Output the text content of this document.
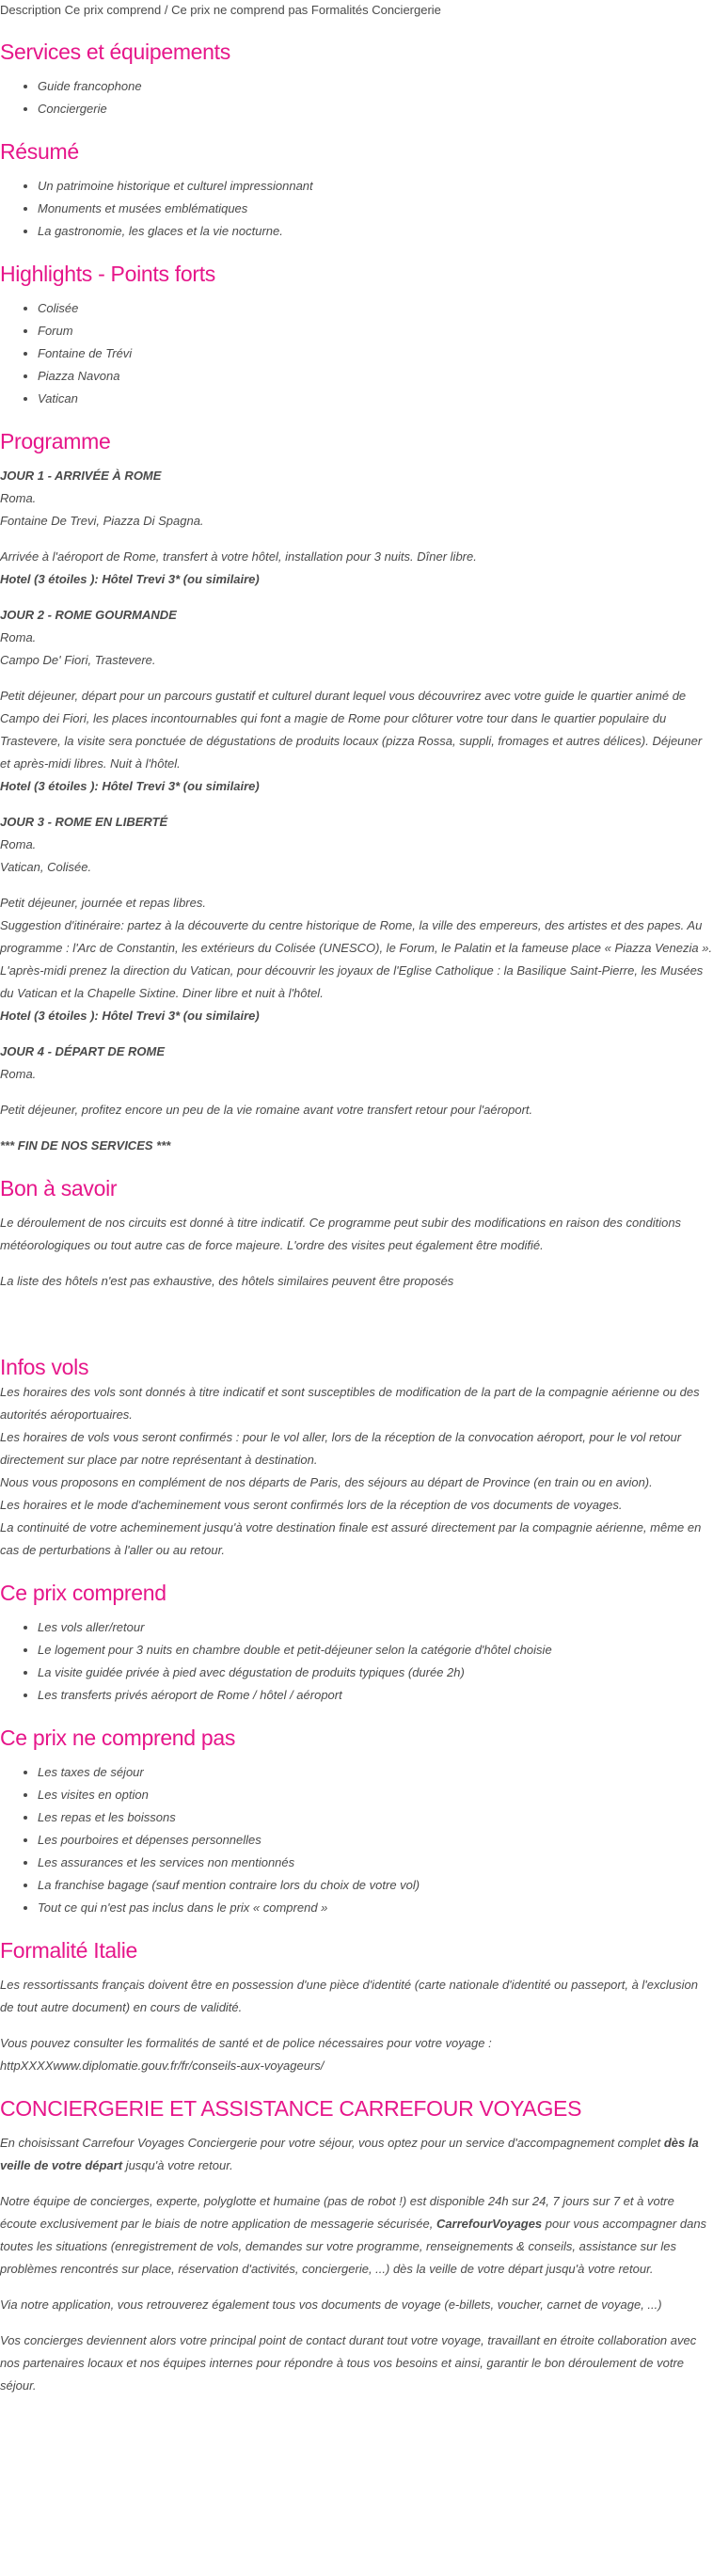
Description Ce prix comprend / Ce prix ne comprend pas Formalités Conciergerie

Services et équipements
• Guide francophone
• Conciergerie
Résumé
• Un patrimoine historique et culturel impressionnant
• Monuments et musées emblématiques
• La gastronomie, les glaces et la vie nocturne.
Highlights - Points forts
• Colisée
• Forum
• Fontaine de Trévi
• Piazza Navona
• Vatican
Programme

JOUR 1 - ARRIVÉE À ROME

Roma.

Fontaine De Trevi, Piazza Di Spagna.

Arrivée à l'aéroport de Rome, transfert à votre hôtel, installation pour 3 nuits. Dîner libre.

Hotel (3 étoiles ): Hôtel Trevi 3* (ou similaire)

JOUR 2 - ROME GOURMANDE

Roma.

Campo De' Fiori, Trastevere.

Petit déjeuner, départ pour un parcours gustatif et culturel durant lequel vous découvrirez avec votre guide le quartier animé de Campo dei Fiori, les places incontournables qui font a magie de Rome pour clôturer votre tour dans le quartier populaire du Trastevere, la visite sera ponctuée de dégustations de produits locaux (pizza Rossa, suppli, fromages et autres délices). Déjeuner et après-midi libres. Nuit à l'hôtel.

Hotel (3 étoiles ): Hôtel Trevi 3* (ou similaire)

JOUR 3 - ROME EN LIBERTÉ

Roma.

Vatican, Colisée.

Petit déjeuner, journée et repas libres.

Suggestion d'itinéraire: partez à la découverte du centre historique de Rome, la ville des empereurs, des artistes et des papes. Au programme : l'Arc de Constantin, les extérieurs du Colisée (UNESCO), le Forum, le Palatin et la fameuse place « Piazza Venezia ». L'après-midi prenez la direction du Vatican, pour découvrir les joyaux de l'Eglise Catholique : la Basilique Saint-Pierre, les Musées du Vatican et la Chapelle Sixtine. Diner libre et nuit à l'hôtel.

Hotel (3 étoiles ): Hôtel Trevi 3* (ou similaire)

JOUR 4 - DÉPART DE ROME

Roma.

Petit déjeuner, profitez encore un peu de la vie romaine avant votre transfert retour pour l'aéroport.

*** FIN DE NOS SERVICES ***

Bon à savoir

Le déroulement de nos circuits est donné à titre indicatif. Ce programme peut subir des modifications en raison des conditions météorologiques ou tout autre cas de force majeure. L'ordre des visites peut également être modifié.

La liste des hôtels n'est pas exhaustive, des hôtels similaires peuvent être proposés

Infos vols

Les horaires des vols sont donnés à titre indicatif et sont susceptibles de modification de la part de la compagnie aérienne ou des autorités aéroportuaires.

Les horaires de vols vous seront confirmés : pour le vol aller, lors de la réception de la convocation aéroport, pour le vol retour directement sur place par notre représentant à destination.

Nous vous proposons en complément de nos départs de Paris, des séjours au départ de Province (en train ou en avion).

Les horaires et le mode d'acheminement vous seront confirmés lors de la réception de vos documents de voyages.

La continuité de votre acheminement jusqu'à votre destination finale est assuré directement par la compagnie aérienne, même en cas de perturbations à l'aller ou au retour.

Ce prix comprend
• Les vols aller/retour
• Le logement pour 3 nuits en chambre double et petit-déjeuner selon la catégorie d'hôtel choisie
• La visite guidée privée à pied avec dégustation de produits typiques (durée 2h)
• Les transferts privés aéroport de Rome / hôtel / aéroport
Ce prix ne comprend pas
• Les taxes de séjour
• Les visites en option
• Les repas et les boissons
• Les pourboires et dépenses personnelles
• Les assurances et les services non mentionnés
• La franchise bagage (sauf mention contraire lors du choix de votre vol)
• Tout ce qui n'est pas inclus dans le prix « comprend »
Formalité Italie

Les ressortissants français doivent être en possession d'une pièce d'identité (carte nationale d'identité ou passeport, à l'exclusion de tout autre document) en cours de validité.

Vous pouvez consulter les formalités de santé et de police nécessaires pour votre voyage :

httpXXXXwww.diplomatie.gouv.fr/fr/conseils-aux-voyageurs/

CONCIERGERIE ET ASSISTANCE CARREFOUR VOYAGES

En choisissant Carrefour Voyages Conciergerie pour votre séjour, vous optez pour un service d'accompagnement complet dès la veille de votre départ jusqu'à votre retour.

Notre équipe de concierges, experte, polyglotte et humaine (pas de robot !) est disponible 24h sur 24, 7 jours sur 7 et à votre écoute exclusivement par le biais de notre application de messagerie sécurisée, CarrefourVoyages pour vous accompagner dans toutes les situations (enregistrement de vols, demandes sur votre programme, renseignements & conseils, assistance sur les problèmes rencontrés sur place, réservation d'activités, conciergerie, ...) dès la veille de votre départ jusqu'à votre retour.

Via notre application, vous retrouverez également tous vos documents de voyage (e-billets, voucher, carnet de voyage, ...)

Vos concierges deviennent alors votre principal point de contact durant tout votre voyage, travaillant en étroite collaboration avec nos partenaires locaux et nos équipes internes pour répondre à tous vos besoins et ainsi, garantir le bon déroulement de votre séjour.
